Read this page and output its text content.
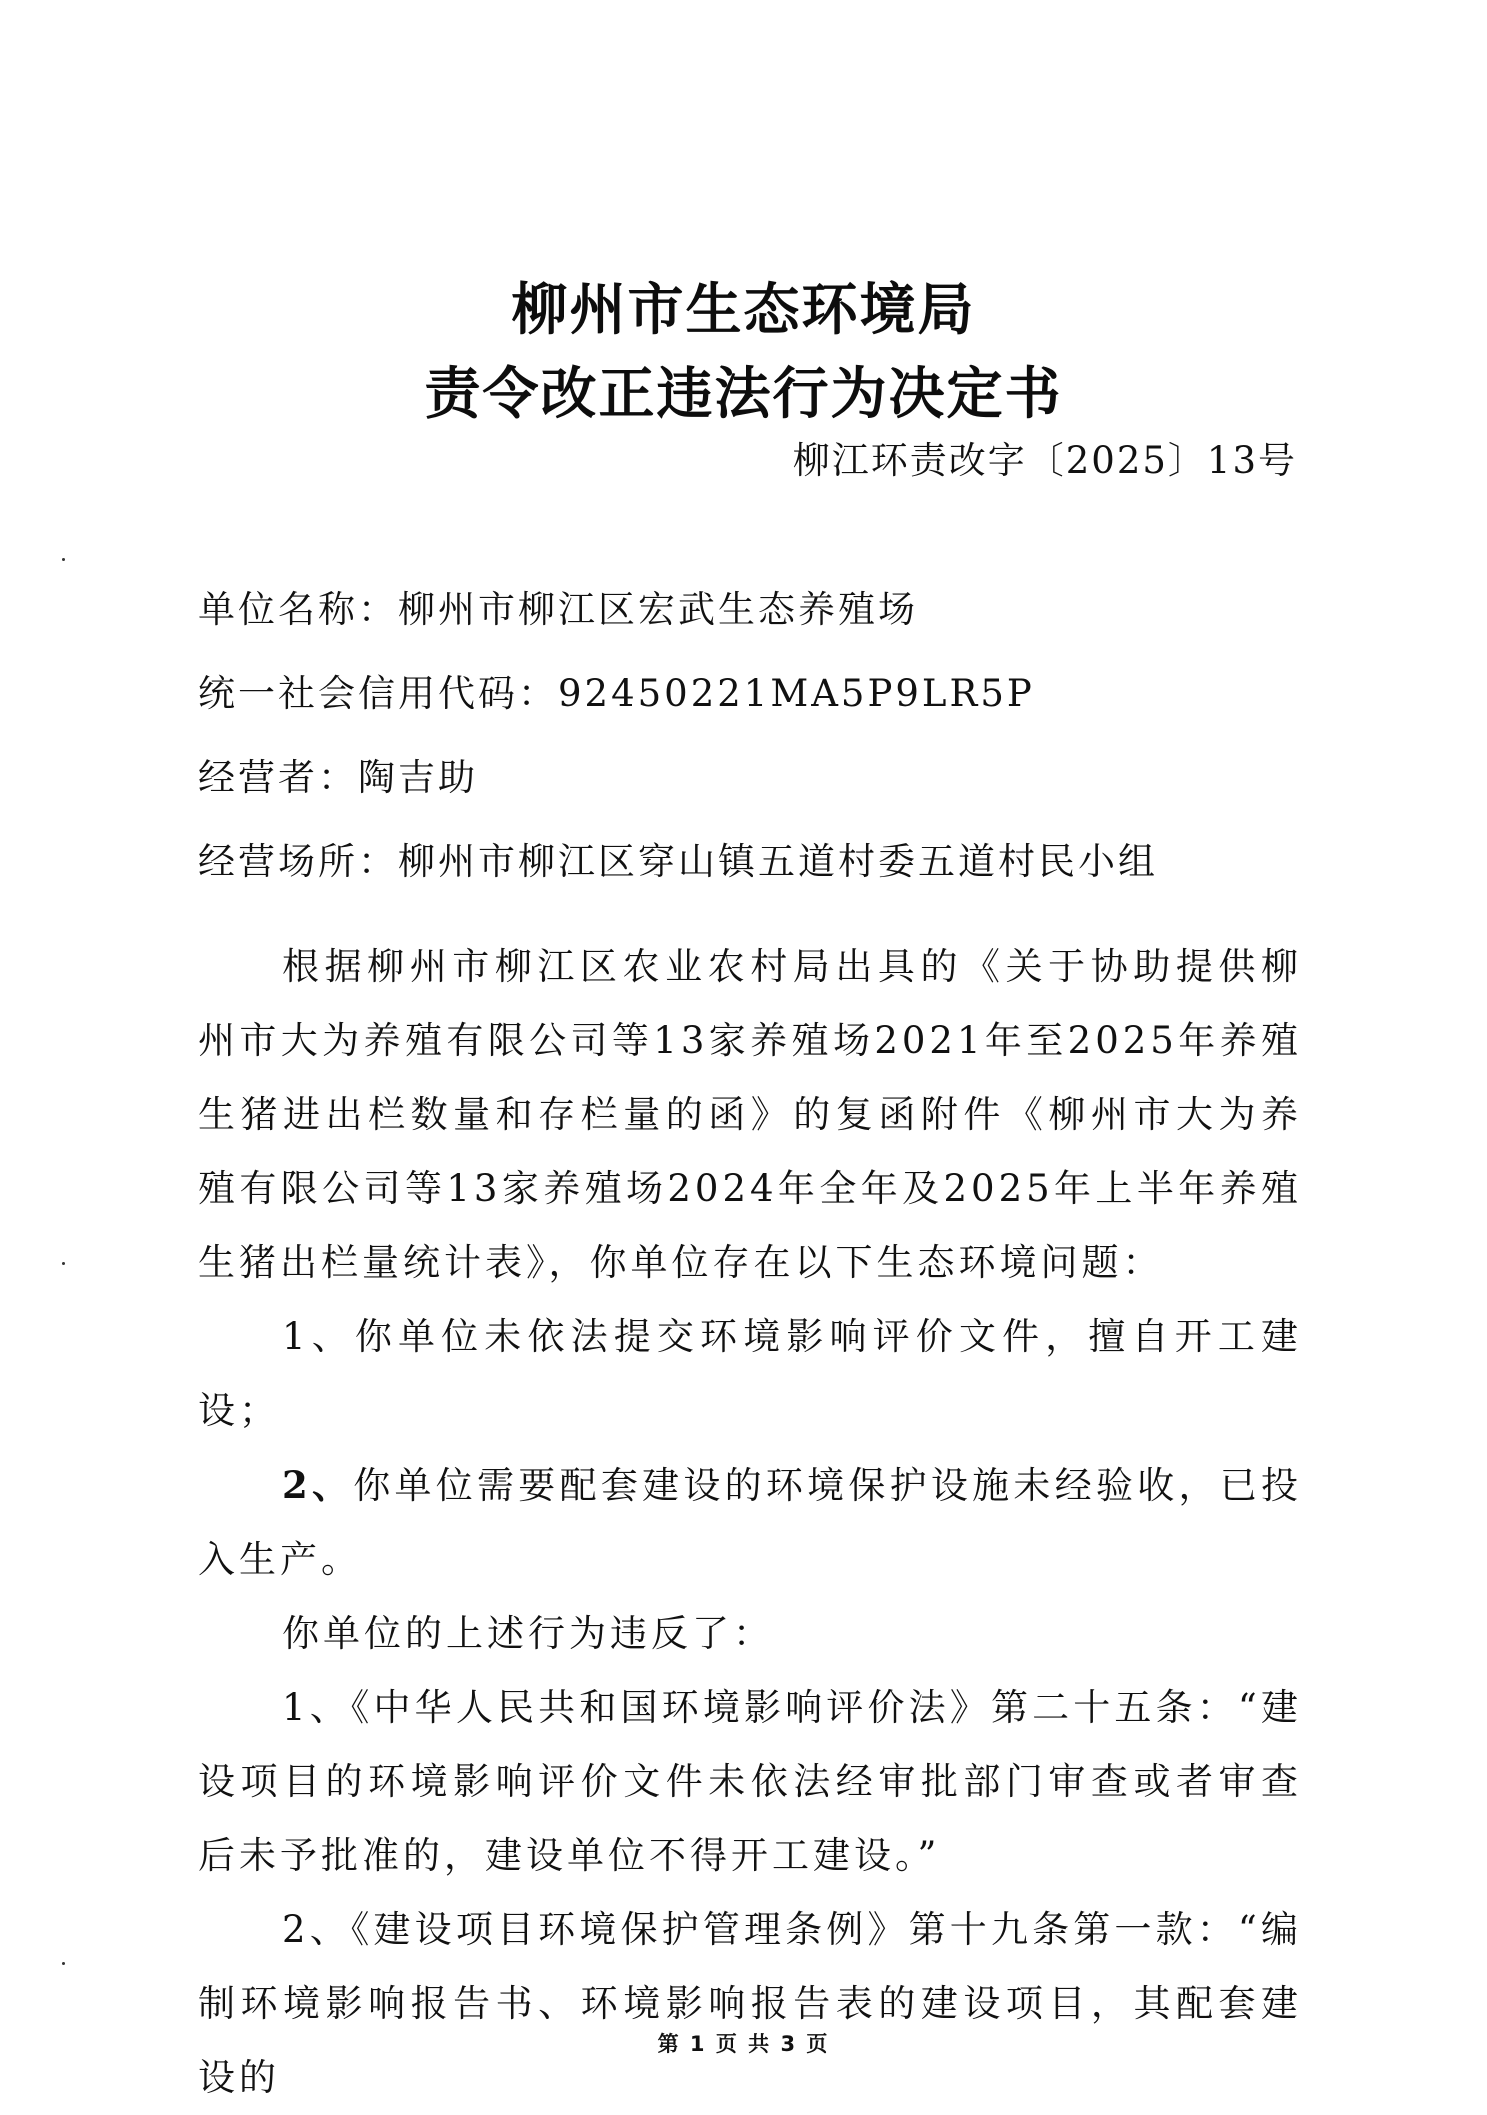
柳州市生态环境局
责令改正违法行为决定书
柳江环责改字〔2025〕13号
单位名称：柳州市柳江区宏武生态养殖场
统一社会信用代码：92450221MA5P9LR5P
经营者：陶吉助
经营场所：柳州市柳江区穿山镇五道村委五道村民小组

根据柳州市柳江区农业农村局出具的《关于协助提供柳州市大为养殖有限公司等13家养殖场2021年至2025年养殖生猪进出栏数量和存栏量的函》的复函附件《柳州市大为养殖有限公司等13家养殖场2024年全年及2025年上半年养殖生猪出栏量统计表》，你单位存在以下生态环境问题：

1、你单位未依法提交环境影响评价文件，擅自开工建设；

2、你单位需要配套建设的环境保护设施未经验收，已投入生产。

你单位的上述行为违反了：

1、《中华人民共和国环境影响评价法》第二十五条：“建设项目的环境影响评价文件未依法经审批部门审查或者审查后未予批准的，建设单位不得开工建设。”

2、《建设项目环境保护管理条例》第十九条第一款：“编制环境影响报告书、环境影响报告表的建设项目，其配套建设的

第 1 页 共 3 页
